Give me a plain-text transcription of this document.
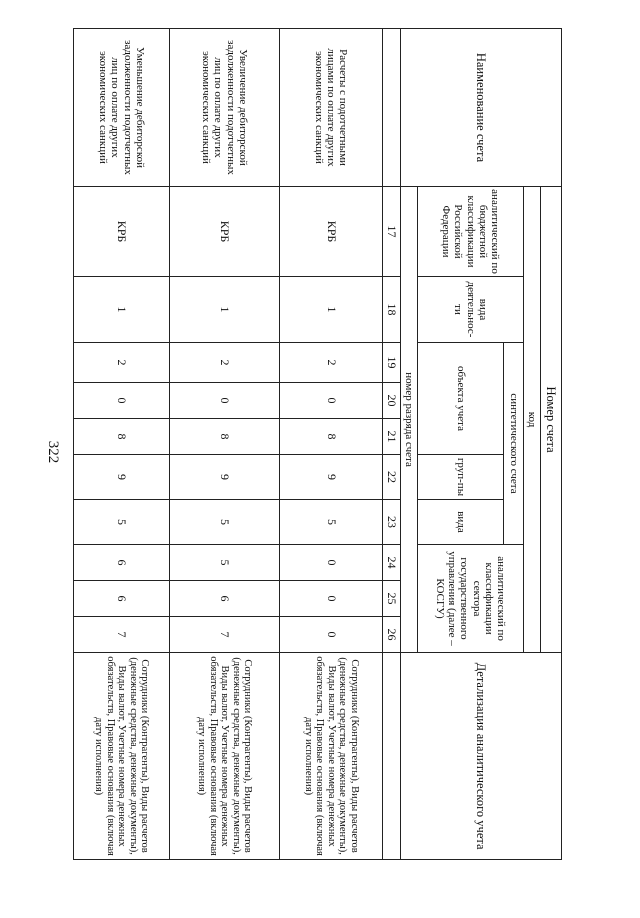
322
Наименование счета	Номер счета										Детализация аналитического учета
	код										
	аналитический по бюджетной классификации Российской Федерации	вида деятельнос-ти	синтетического счета					аналитический по классификации сектора государственного управления (далее – КОСГУ)			
			объекта учета			груп-пы	вида				
	номер разряда счета										
	17	18	19	20	21	22	23	24	25	26	
Расчеты с подотчетными лицами по оплате других экономических санкций	КРБ	1	2	0	8	9	5	0	0	0	Сотрудники (Контрагенты), Виды расчетов (денежные средства, денежные документы), Виды валют, Учетные номера денежных обязательств, Правовые основания (включая дату исполнения)
Увеличение дебиторской задолженности подотчетных лиц по оплате других экономических санкций	КРБ	1	2	0	8	9	5	5	6	7	Сотрудники (Контрагенты), Виды расчетов (денежные средства, денежные документы), Виды валют, Учетные номера денежных обязательств, Правовые основания (включая дату исполнения)
Уменьшение дебиторской задолженности подотчетных лиц по оплате других экономических санкций	КРБ	1	2	0	8	9	5	6	6	7	Сотрудники (Контрагенты), Виды расчетов (денежные средства, денежные документы), Виды валют, Учетные номера денежных обязательств, Правовые основания (включая дату исполнения)
